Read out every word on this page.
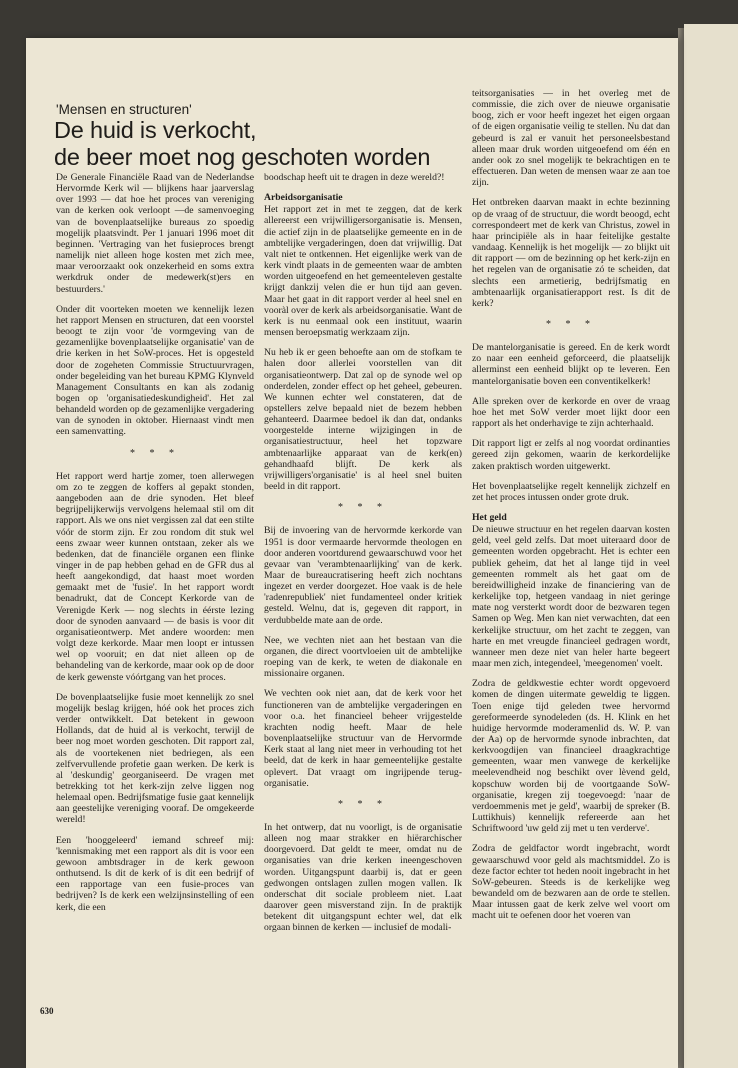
'Mensen en structuren'
De huid is verkocht,
de beer moet nog geschoten worden

De Generale Financiële Raad van de Nederlandse Hervormde Kerk wil — blijkens haar jaarverslag over 1993 — dat hoe het proces van vereniging van de kerken ook verloopt —de samenvoeging van de bovenplaatselijke bureaus zo spoedig mogelijk plaatsvindt. Per 1 januari 1996 moet dit beginnen. 'Vertraging van het fusieproces brengt namelijk niet alleen hoge kosten met zich mee, maar veroorzaakt ook onzekerheid en soms extra werkdruk onder de medewerk(st)ers en bestuurders.'

Onder dit voorteken moeten we kennelijk lezen het rapport Mensen en structuren, dat een voorstel beoogt te zijn voor 'de vormgeving van de gezamenlijke bovenplaatselijke organisatie' van de drie kerken in het SoW-proces. Het is opgesteld door de zogeheten Commissie Structuurvragen, onder begeleiding van het bureau KPMG Klynveld Management Consultants en kan als zodanig bogen op 'organisatiedeskundigheid'. Het zal behandeld worden op de gezamenlijke vergadering van de synoden in oktober. Hiernaast vindt men een samenvatting.

* * *

Het rapport werd hartje zomer, toen allerwegen om zo te zeggen de koffers al gepakt stonden, aangeboden aan de drie synoden. Het bleef begrijpelijkerwijs vervolgens helemaal stil om dit rapport. Als we ons niet vergissen zal dat een stilte vóór de storm zijn. Er zou rondom dit stuk wel eens zwaar weer kunnen ontstaan, zeker als we bedenken, dat de financiële organen een flinke vinger in de pap hebben gehad en de GFR dus al heeft aangekondigd, dat haast moet worden gemaakt met de 'fusie'. In het rapport wordt benadrukt, dat de Concept Kerkorde van de Verenigde Kerk — nog slechts in éérste lezing door de synoden aanvaard — de basis is voor dit organisatieontwerp. Met andere woorden: men volgt deze kerkorde. Maar men loopt er intussen wel op vooruit; en dat niet alleen op de behandeling van de kerkorde, maar ook op de door de kerk gewenste vóórtgang van het proces.

De bovenplaatselijke fusie moet kennelijk zo snel mogelijk beslag krijgen, hóé ook het proces zich verder ontwikkelt. Dat betekent in gewoon Hollands, dat de huid al is verkocht, terwijl de beer nog moet worden geschoten. Dit rapport zal, als de voortekenen niet bedriegen, als een zelfvervullende profetie gaan werken. De kerk is al 'deskundig' georganiseerd. De vragen met betrekking tot het kerk-zijn zelve liggen nog helemaal open. Bedrijfsmatige fusie gaat kennelijk aan geestelijke vereniging vooraf. De omgekeerde wereld!

Een 'hooggeleerd' iemand schreef mij: 'kennismaking met een rapport als dit is voor een gewoon ambtsdrager in de kerk gewoon onthutsend. Is dit de kerk of is dit een bedrijf of een rapportage van een fusie-proces van bedrijven? Is de kerk een welzijnsinstelling of een kerk, die een

boodschap heeft uit te dragen in deze wereld?!

Arbeidsorganisatie

Het rapport zet in met te zeggen, dat de kerk allereerst een vrijwilligersorganisatie is. Mensen, die actief zijn in de plaatselijke gemeente en in de ambtelijke vergaderingen, doen dat vrijwillig. Dat valt niet te ontkennen. Het eigenlijke werk van de kerk vindt plaats in de gemeenten waar de ambten worden uitgeoefend en het gemeenteleven gestalte krijgt dankzij velen die er hun tijd aan geven. Maar het gaat in dit rapport verder al heel snel en vooràl over de kerk als arbeidsorganisatie. Want de kerk is nu eenmaal ook een instituut, waarin mensen beroepsmatig werkzaam zijn.

Nu heb ik er geen behoefte aan om de stofkam te halen door allerlei voorstellen van dit organisatieontwerp. Dat zal op de synode wel op onderdelen, zonder effect op het geheel, gebeuren. We kunnen echter wel constateren, dat de opstellers zelve bepaald niet de bezem hebben gehanteerd. Daarmee bedoel ik dan dat, ondanks voorgestelde interne wijzigingen in de organisatiestructuur, heel het topzware ambtenaarlijke apparaat van de kerk(en) gehandhaafd blijft. De kerk als vrijwilligers'organisatie' is al heel snel buiten beeld in dit rapport.

* * *

Bij de invoering van de hervormde kerkorde van 1951 is door vermaarde hervormde theologen en door anderen voortdurend gewaarschuwd voor het gevaar van 'verambtenaarlijking' van de kerk. Maar de bureaucratisering heeft zich nochtans ingezet en verder doorgezet. Hoe vaak is de hele 'radenrepubliek' niet fundamenteel onder kritiek gesteld. Welnu, dat is, gegeven dit rapport, in verdubbelde mate aan de orde.

Nee, we vechten niet aan het bestaan van die organen, die direct voortvloeien uit de ambtelijke roeping van de kerk, te weten de diakonale en missionaire organen.

We vechten ook niet aan, dat de kerk voor het functioneren van de ambtelijke vergaderingen en voor o.a. het financieel beheer vrijgestelde krachten nodig heeft. Maar de hele bovenplaatselijke structuur van de Hervormde Kerk staat al lang niet meer in verhouding tot het beeld, dat de kerk in haar gemeentelijke gestalte oplevert. Dat vraagt om ingrijpende terug-organisatie.

* * *

In het ontwerp, dat nu voorligt, is de organisatie alleen nog maar strakker en hiërarchischer doorgevoerd. Dat geldt te meer, omdat nu de organisaties van drie kerken ineengeschoven worden. Uitgangspunt daarbij is, dat er geen gedwongen ontslagen zullen mogen vallen. Ik onderschat dit sociale probleem niet. Laat daarover geen misverstand zijn. In de praktijk betekent dit uitgangspunt echter wel, dat elk orgaan binnen de kerken — inclusief de modali-

teitsorganisaties — in het overleg met de commissie, die zich over de nieuwe organisatie boog, zich er voor heeft ingezet het eigen orgaan of de eigen organisatie veilig te stellen. Nu dat dan gebeurd is zal er vanuit het personeelsbestand alleen maar druk worden uitgeoefend om één en ander ook zo snel mogelijk te bekrachtigen en te effectueren. Dan weten de mensen waar ze aan toe zijn.

Het ontbreken daarvan maakt in echte bezinning op de vraag of de structuur, die wordt beoogd, echt correspondeert met de kerk van Christus, zowel in haar principiële als in haar feitelijke gestalte vandaag. Kennelijk is het mogelijk — zo blijkt uit dit rapport — om de bezinning op het kerk-zijn en het regelen van de organisatie zó te scheiden, dat slechts een armetierig, bedrijfsmatig en ambtenaarlijk organisatierapport rest. Is dit de kerk?

* * *

De mantelorganisatie is gereed. En de kerk wordt zo naar een eenheid geforceerd, die plaatselijk allerminst een eenheid blijkt op te leveren. Een mantelorganisatie boven een conventikelkerk!

Alle spreken over de kerkorde en over de vraag hoe het met SoW verder moet lijkt door een rapport als het onderhavige te zijn achterhaald.

Dit rapport ligt er zelfs al nog voordat ordinanties gereed zijn gekomen, waarin de kerkordelijke zaken praktisch worden uitgewerkt.

Het bovenplaatselijke regelt kennelijk zichzelf en zet het proces intussen onder grote druk.

Het geld

De nieuwe structuur en het regelen daarvan kosten geld, veel geld zelfs. Dat moet uiteraard door de gemeenten worden opgebracht. Het is echter een publiek geheim, dat het al lange tijd in veel gemeenten rommelt als het gaat om de bereidwilligheid inzake de financiering van de kerkelijke top, hetgeen vandaag in niet geringe mate nog versterkt wordt door de bezwaren tegen Samen op Weg. Men kan niet verwachten, dat een kerkelijke structuur, om het zacht te zeggen, van harte en met vreugde financieel gedragen wordt, wanneer men deze niet van heler harte begeert maar men zich, integendeel, 'meegenomen' voelt.

Zodra de geldkwestie echter wordt opgevoerd komen de dingen uitermate geweldig te liggen. Toen enige tijd geleden twee hervormd gereformeerde synodeleden (ds. H. Klink en het huidige hervormde moderamenlid ds. W. P. van der Aa) op de hervormde synode inbrachten, dat kerkvoogdijen van financieel draagkrachtige gemeenten, waar men vanwege de kerkelijke meelevendheid nog beschikt over lèvend geld, kopschuw worden bij de voortgaande SoW-organisatie, kregen zij toegevoegd: 'naar de verdoemmenis met je geld', waarbij de spreker (B. Luttikhuis) kennelijk refereerde aan het Schriftwoord 'uw geld zij met u ten verderve'.

Zodra de geldfactor wordt ingebracht, wordt gewaarschuwd voor geld als machtsmiddel. Zo is deze factor echter tot heden nooit ingebracht in het SoW-gebeuren. Steeds is de kerkelijke weg bewandeld om de bezwaren aan de orde te stellen. Maar intussen gaat de kerk zelve wel voort om macht uit te oefenen door het voeren van

630
